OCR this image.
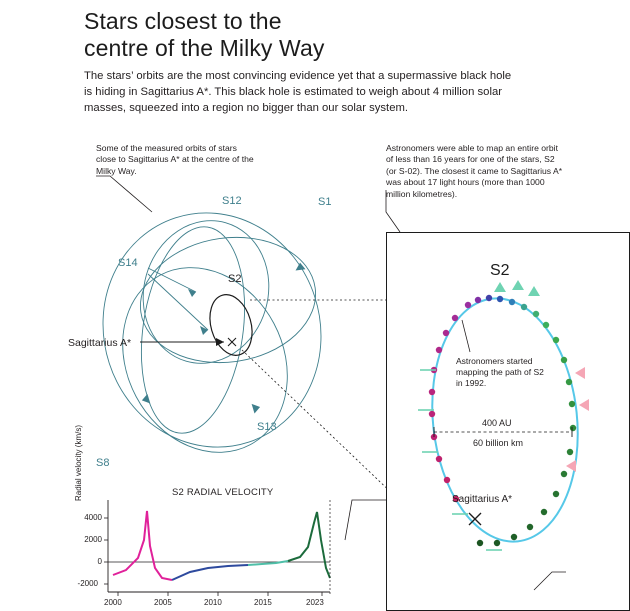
Stars closest to the
centre of the Milky Way
The stars’ orbits are the most convincing evidence yet that a supermassive black hole is hiding in Sagittarius A*. This black hole is estimated to weigh about 4 million solar masses, squeezed into a region no bigger than our solar system.
Some of the measured orbits of stars close to Sagittarius A* at the centre of the Milky Way.
Astronomers were able to map an entire orbit of less than 16 years for one of the stars, S2 (or S-02). The closest it came to Sagittarius A* was about 17 light hours (more than 1000 million kilometres).
S12	S1
S14
S2
S13
S8
Sagittarius A*
S2
Astronomers started mapping the path of S2 in 1992.
400 AU
60 billion km
Sagittarius A*
S2 RADIAL VELOCITY
Radial velocity (km/s)
4000
2000
0
-2000
2000	2005	2010	2015	2023
